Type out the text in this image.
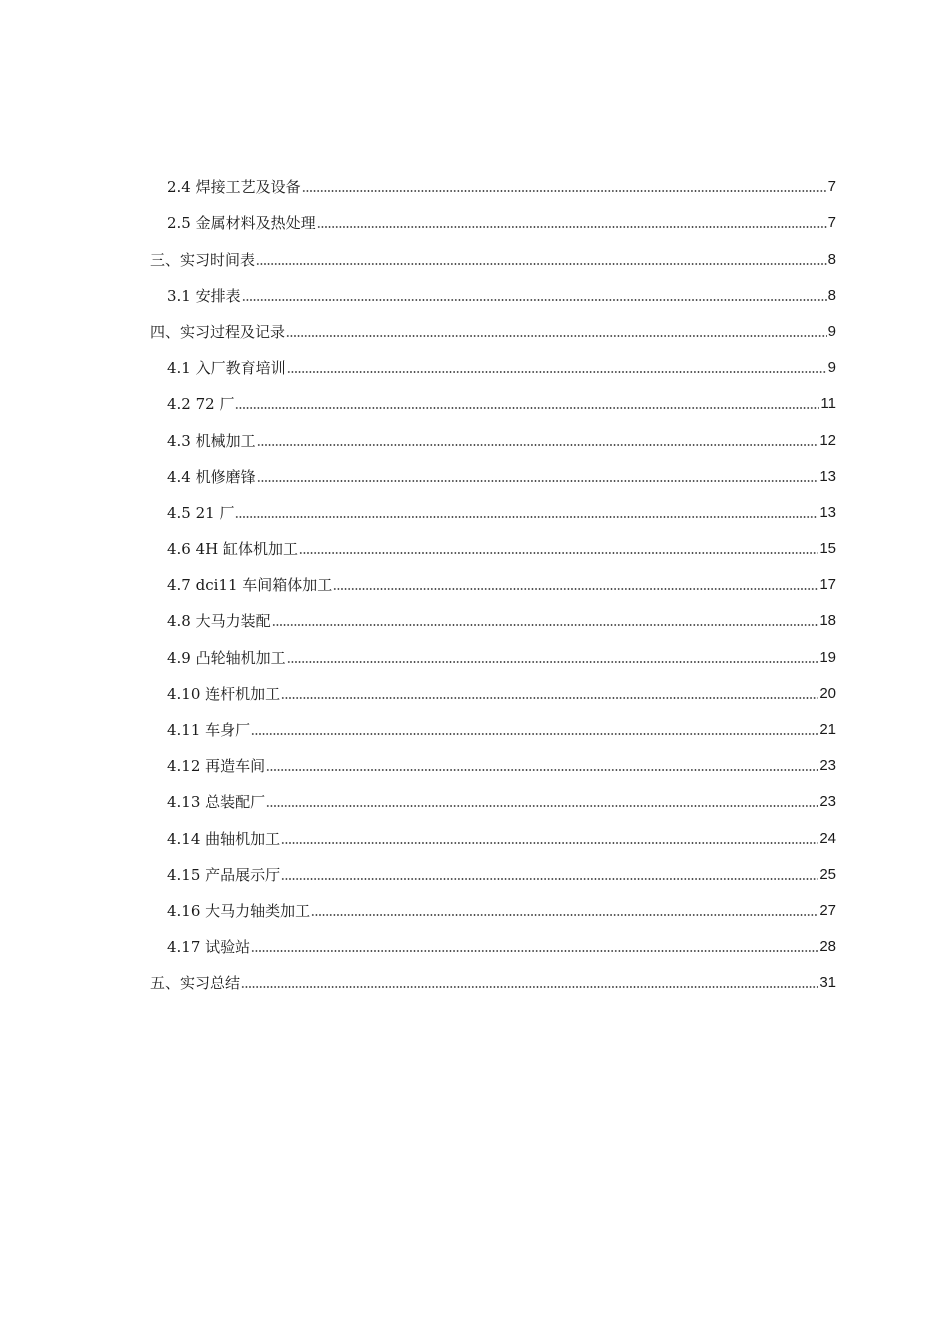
2.4 焊接工艺及设备	7
2.5 金属材料及热处理	7
三、实习时间表	8
3.1 安排表	8
四、实习过程及记录	9
4.1 入厂教育培训	9
4.2 72 厂	11
4.3 机械加工	12
4.4 机修磨锋	13
4.5 21 厂	13
4.6 4H 缸体机加工	15
4.7 dci11 车间箱体加工	17
4.8 大马力装配	18
4.9 凸轮轴机加工	19
4.10 连杆机加工	20
4.11 车身厂	21
4.12 再造车间	23
4.13 总装配厂	23
4.14 曲轴机加工	24
4.15 产品展示厅	25
4.16 大马力轴类加工	27
4.17 试验站	28
五、实习总结	31
